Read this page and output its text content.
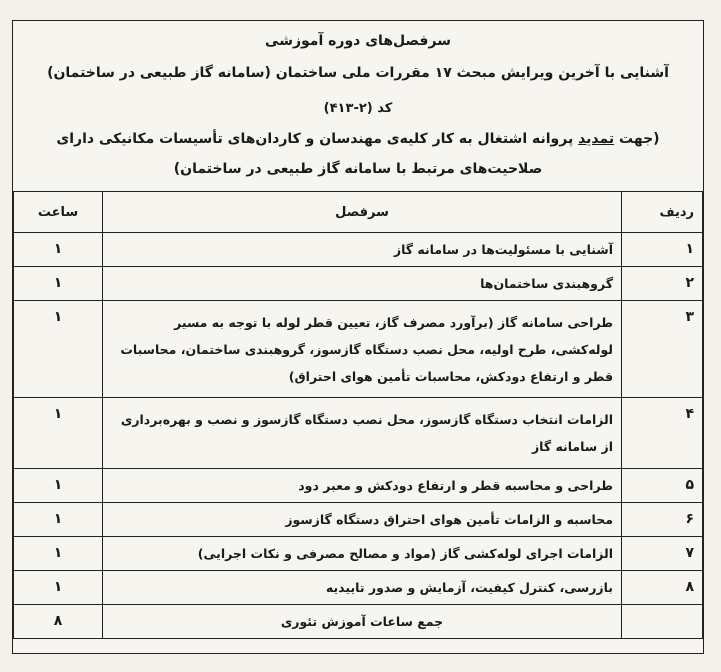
سرفصل‌های دوره آموزشی
آشنایی با آخرین ویرایش مبحث ۱۷ مقررات ملی ساختمان (سامانه گاز طبیعی در ساختمان)
کد (۲-۴۱۳)
(جهت تمدید پروانه اشتغال به کار کلیه‌ی مهندسان و کاردان‌های تأسیسات مکانیکی دارای
صلاحیت‌های مرتبط با سامانه گاز طبیعی در ساختمان)
ردیف	سرفصل	ساعت
۱	آشنایی با مسئولیت‌ها در سامانه گاز	۱
۲	گروهبندی ساختمان‌ها	۱
۳	طراحی سامانه گاز (برآورد مصرف گاز، تعیین قطر لوله با توجه به مسیر لوله‌کشی، طرح اولیه، محل نصب دستگاه گازسوز، گروهبندی ساختمان، محاسبات قطر و ارتفاع دودکش، محاسبات تأمین هوای احتراق)	۱
۴	الزامات انتخاب دستگاه گازسوز، محل نصب دستگاه گازسوز و نصب و بهره‌برداری از سامانه گاز	۱
۵	طراحی و محاسبه قطر و ارتفاع دودکش و معبر دود	۱
۶	محاسبه و الزامات تأمین هوای احتراق دستگاه گازسوز	۱
۷	الزامات اجرای لوله‌کشی گاز (مواد و مصالح مصرفی و نکات اجرایی)	۱
۸	بازرسی، کنترل کیفیت، آزمایش و صدور تاییدیه	۱
	جمع ساعات آموزش تئوری	۸
